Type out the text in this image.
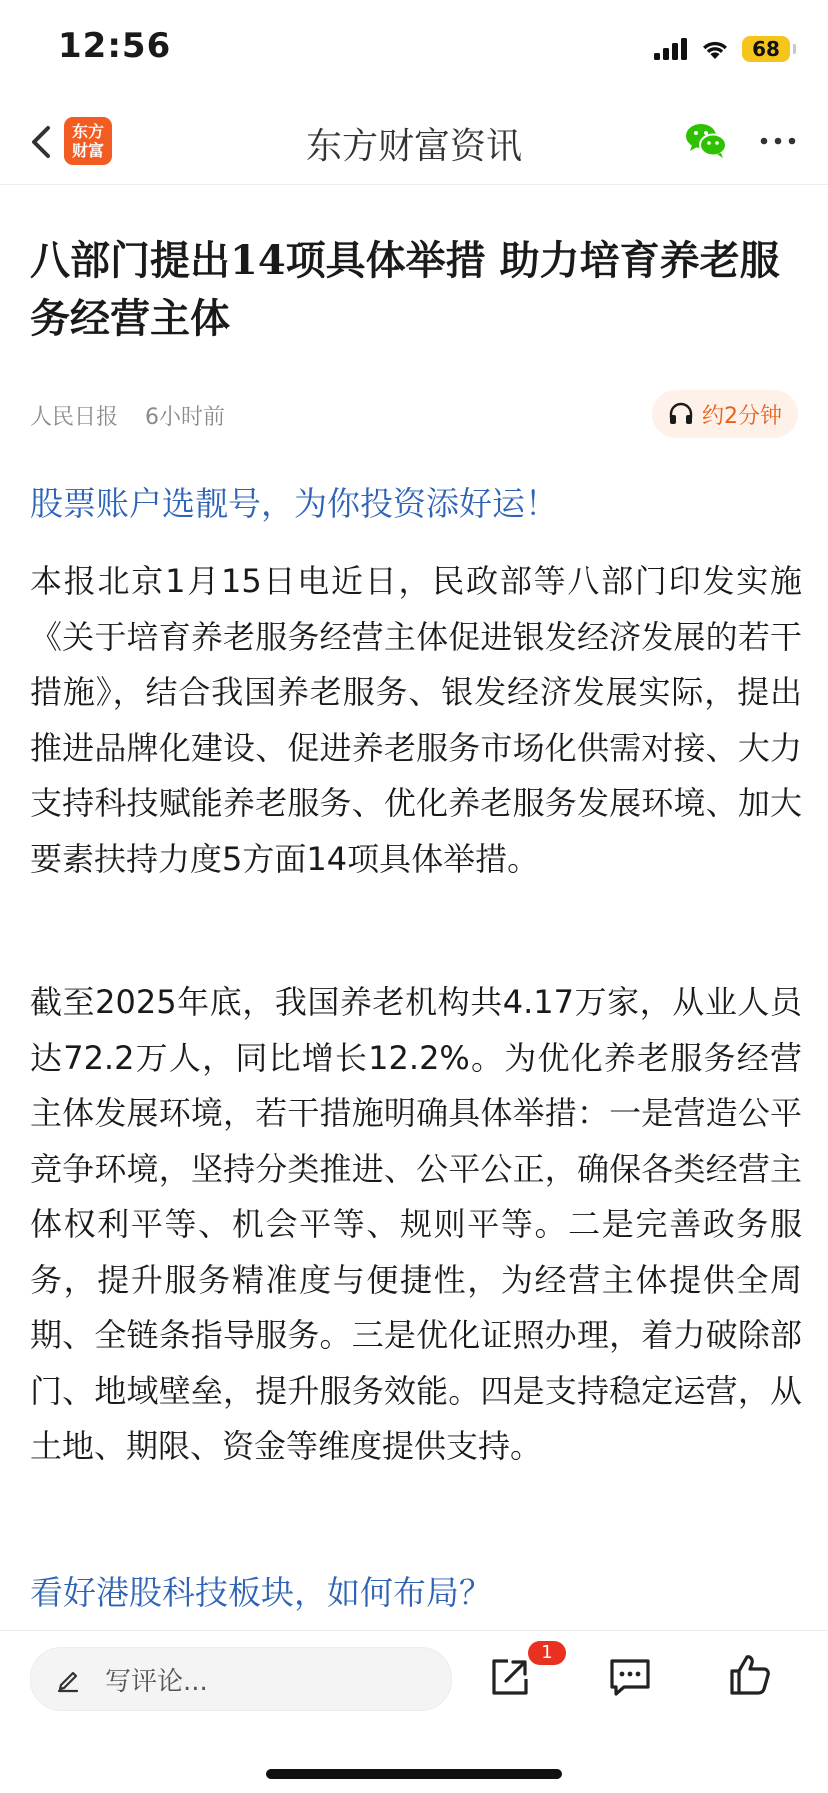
12:56	68
东方
财富	东方财富资讯
八部门提出14项具体举措 助力培育养老服务经营主体
人民日报 6小时前	约2分钟
股票账户选靓号，为你投资添好运！

本报北京1月15日电近日，民政部等八部门印发实施《关于培育养老服务经营主体促进银发经济发展的若干措施》，结合我国养老服务、银发经济发展实际，提出推进品牌化建设、促进养老服务市场化供需对接、大力支持科技赋能养老服务、优化养老服务发展环境、加大要素扶持力度5方面14项具体举措。

截至2025年底，我国养老机构共4.17万家，从业人员达72.2万人，同比增长12.2%。为优化养老服务经营主体发展环境，若干措施明确具体举措：一是营造公平竞争环境，坚持分类推进、公平公正，确保各类经营主体权利平等、机会平等、规则平等。二是完善政务服务，提升服务精准度与便捷性，为经营主体提供全周期、全链条指导服务。三是优化证照办理，着力破除部门、地域壁垒，提升服务效能。四是支持稳定运营，从土地、期限、资金等维度提供支持。

看好港股科技板块，如何布局？
写评论...
1
